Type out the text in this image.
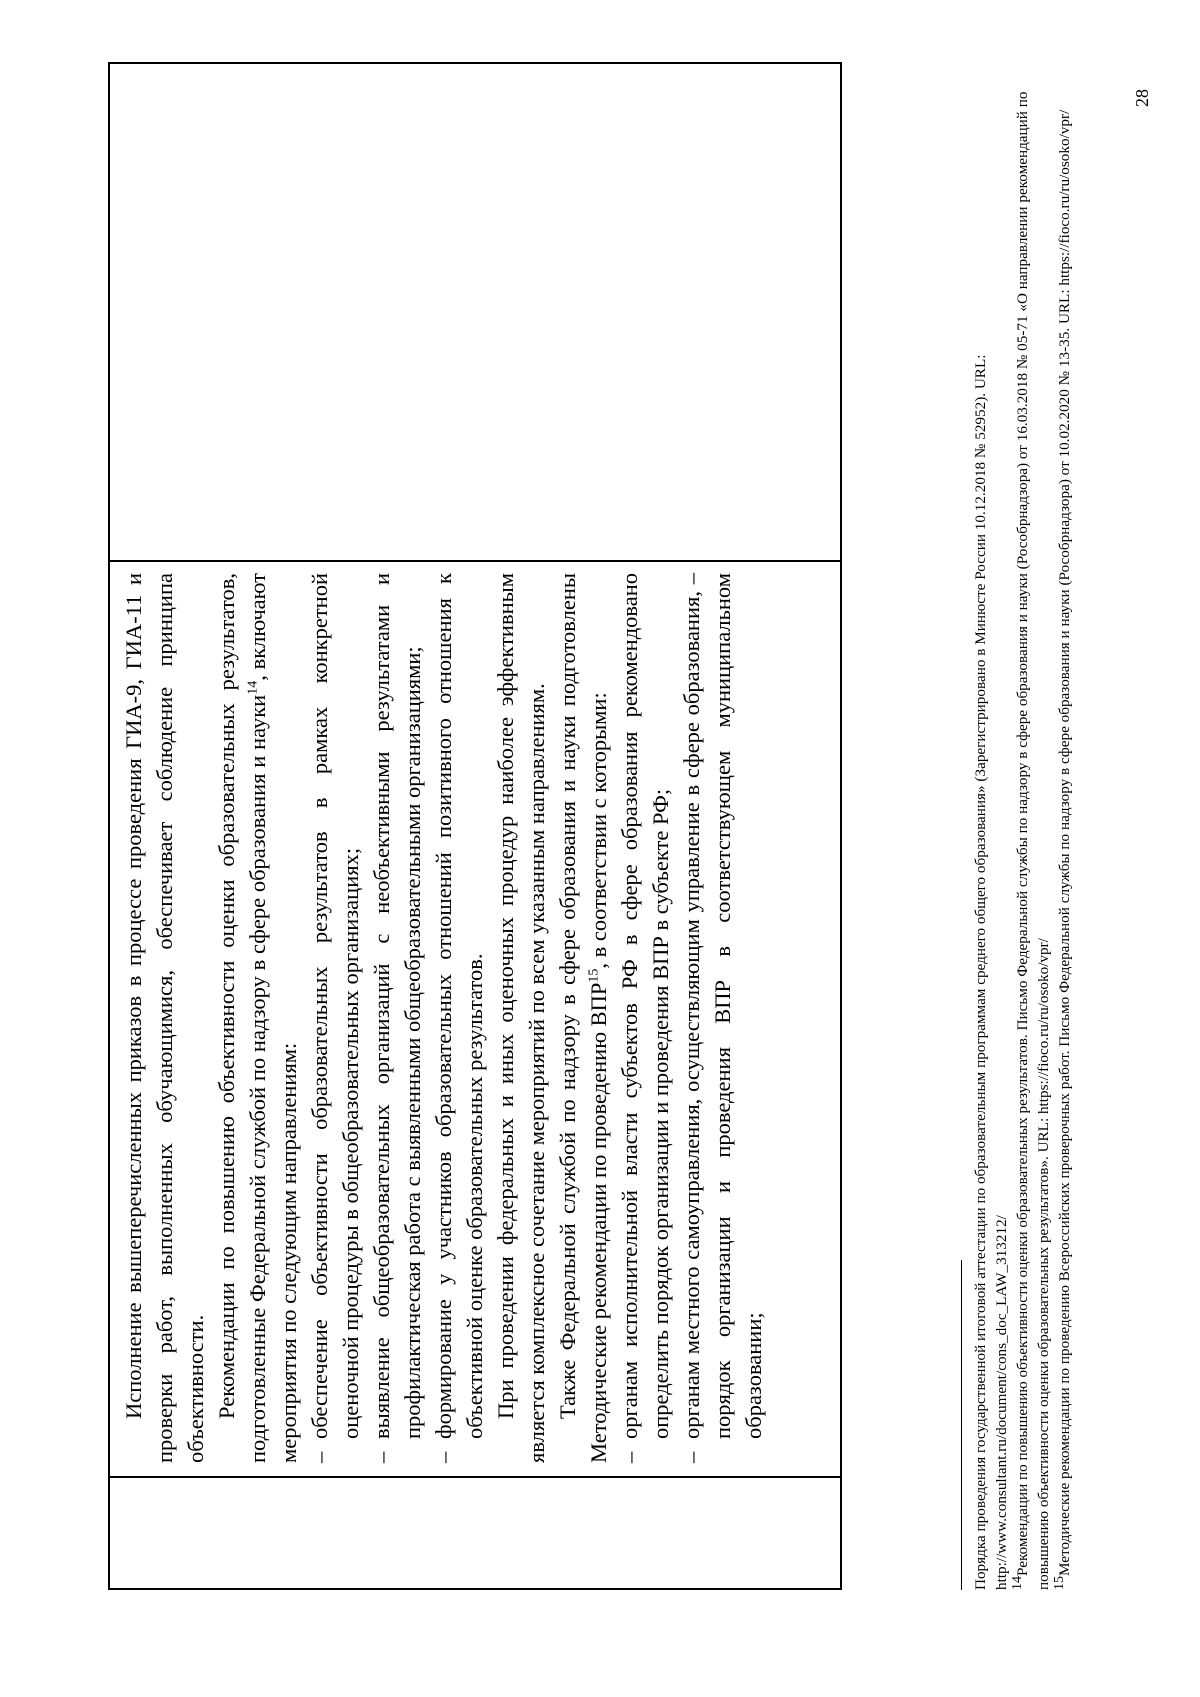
Исполнение вышеперечисленных приказов в процессе проведения ГИА-9, ГИА-11 и проверки работ, выполненных обучающимися, обеспечивает соблюдение принципа объективности. Рекомендации по повышению объективности оценки образовательных результатов, подготовленные Федеральной службой по надзору в сфере образования и науки$^{14}$, включают мероприятия по следующим направлениям: –
обеспечение объективности образовательных результатов в рамках конкретной оценочной процедуры в общеобразовательных организациях;
–
выявление общеобразовательных организаций с необъективными результатами и профилактическая работа с выявленными общеобразовательными организациями;
–
формирование у участников образовательных отношений позитивного отношения к объективной оценке образовательных результатов. При проведении федеральных и иных оценочных процедур наиболее эффективным является комплексное сочетание мероприятий по всем указанным направлениям. Также Федеральной службой по надзору в сфере образования и науки подготовлены Методические рекомендации по проведению ВПР$^{15}$, в соответствии с которыми:

–
органам исполнительной власти субъектов РФ в сфере образования рекомендовано определить порядок организации и проведения ВПР в субъекте РФ;
–
органам местного самоуправления, осуществляющим управление в сфере образования, – порядок организации и проведения ВПР в соответствующем муниципальном образовании;	Порядка проведения государственной итоговой аттестации по образовательным программам среднего общего образования» (Зарегистрировано в Минюсте России 10.12.2018 № 52952). URL: http://www.consultant.ru/document/cons_doc_LAW_313212/ $^{14}$Рекомендации по повышению объективности оценки образовательных результатов. Письмо Федеральной службы по надзору в сфере образования и науки (Рособрнадзора) от 16.03.2018 № 05-71 «О направлении рекомендаций по повышению объективности оценки образовательных результатов». URL: https://fioco.ru/ru/osoko/vpr/ $^{15}$Методические рекомендации по проведению Всероссийских проверочных работ. Письмо Федеральной службы по надзору в сфере образования и науки (Рособрнадзора) от 10.02.2020 № 13-35. URL: https://fioco.ru/ru/osoko/vpr/

28
